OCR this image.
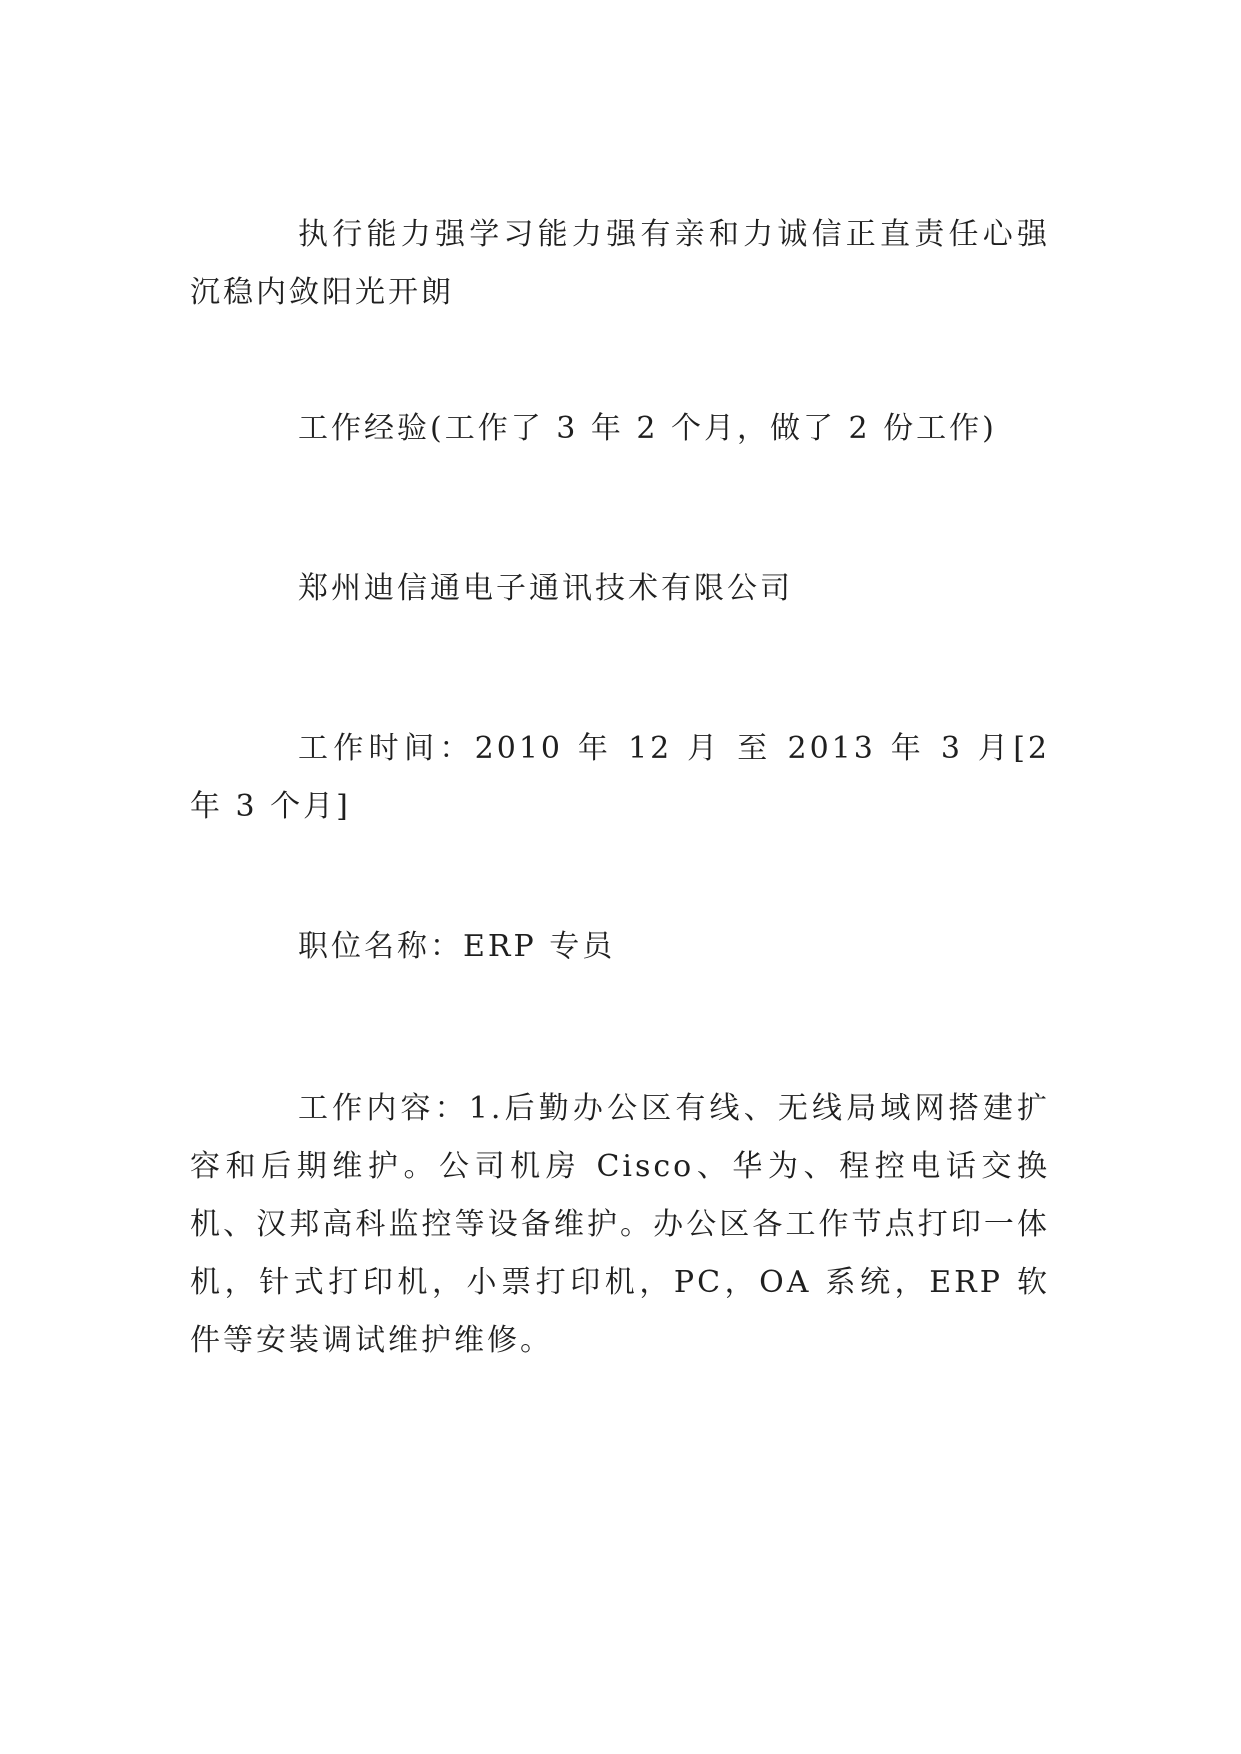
执行能力强学习能力强有亲和力诚信正直责任心强沉稳内敛阳光开朗

工作经验(工作了 3 年 2 个月，做了 2 份工作)

郑州迪信通电子通讯技术有限公司

工作时间：2010 年 12 月 至 2013 年 3 月[2 年 3 个月]

职位名称：ERP 专员

工作内容：1.后勤办公区有线、无线局域网搭建扩容和后期维护。公司机房 Cisco、华为、程控电话交换机、汉邦高科监控等设备维护。办公区各工作节点打印一体机，针式打印机，小票打印机，PC，OA 系统，ERP 软件等安装调试维护维修。
